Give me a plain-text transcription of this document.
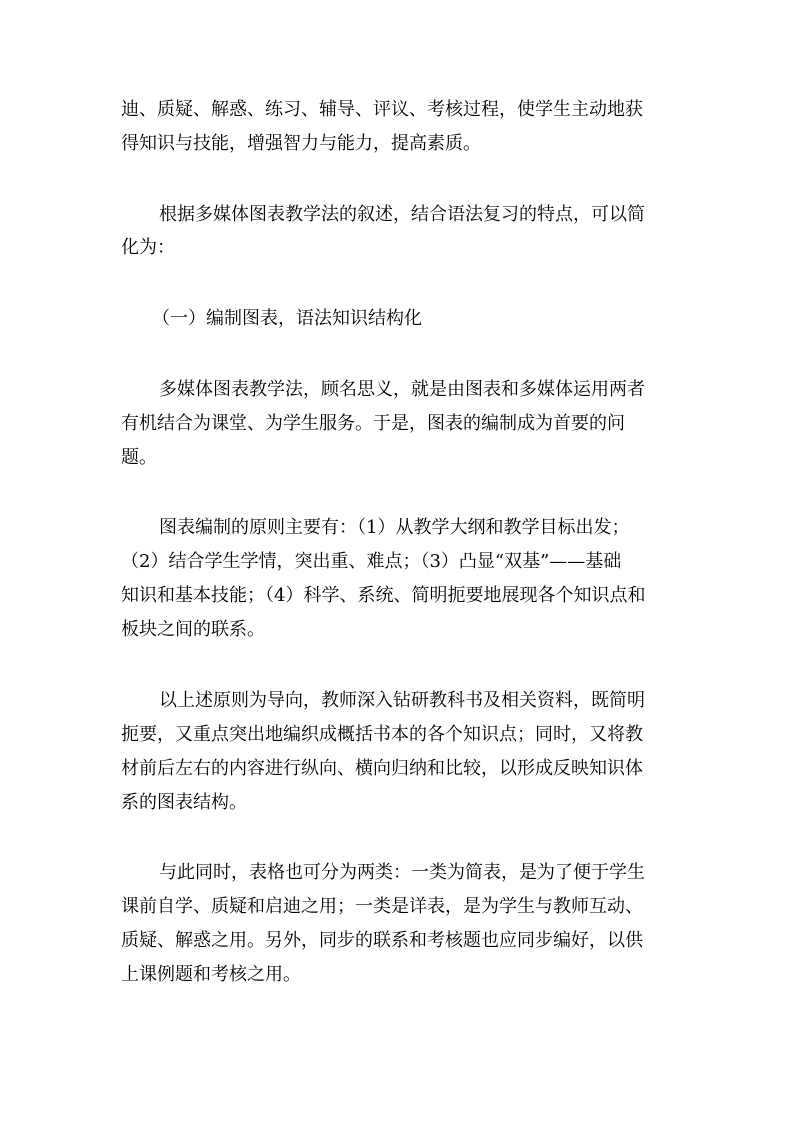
迪、质疑、解惑、练习、辅导、评议、考核过程，使学生主动地获
得知识与技能，增强智力与能力，提高素质。
根据多媒体图表教学法的叙述，结合语法复习的特点，可以简
化为：
（一）编制图表，语法知识结构化
多媒体图表教学法，顾名思义，就是由图表和多媒体运用两者
有机结合为课堂、为学生服务。于是，图表的编制成为首要的问
题。
图表编制的原则主要有：（1）从教学大纲和教学目标出发；
（2）结合学生学情，突出重、难点；（3）凸显“双基”——基础
知识和基本技能；（4）科学、系统、简明扼要地展现各个知识点和
板块之间的联系。
以上述原则为导向，教师深入钻研教科书及相关资料，既简明
扼要，又重点突出地编织成概括书本的各个知识点；同时，又将教
材前后左右的内容进行纵向、横向归纳和比较，以形成反映知识体
系的图表结构。
与此同时，表格也可分为两类：一类为简表，是为了便于学生
课前自学、质疑和启迪之用；一类是详表，是为学生与教师互动、
质疑、解惑之用。另外，同步的联系和考核题也应同步编好，以供
上课例题和考核之用。
